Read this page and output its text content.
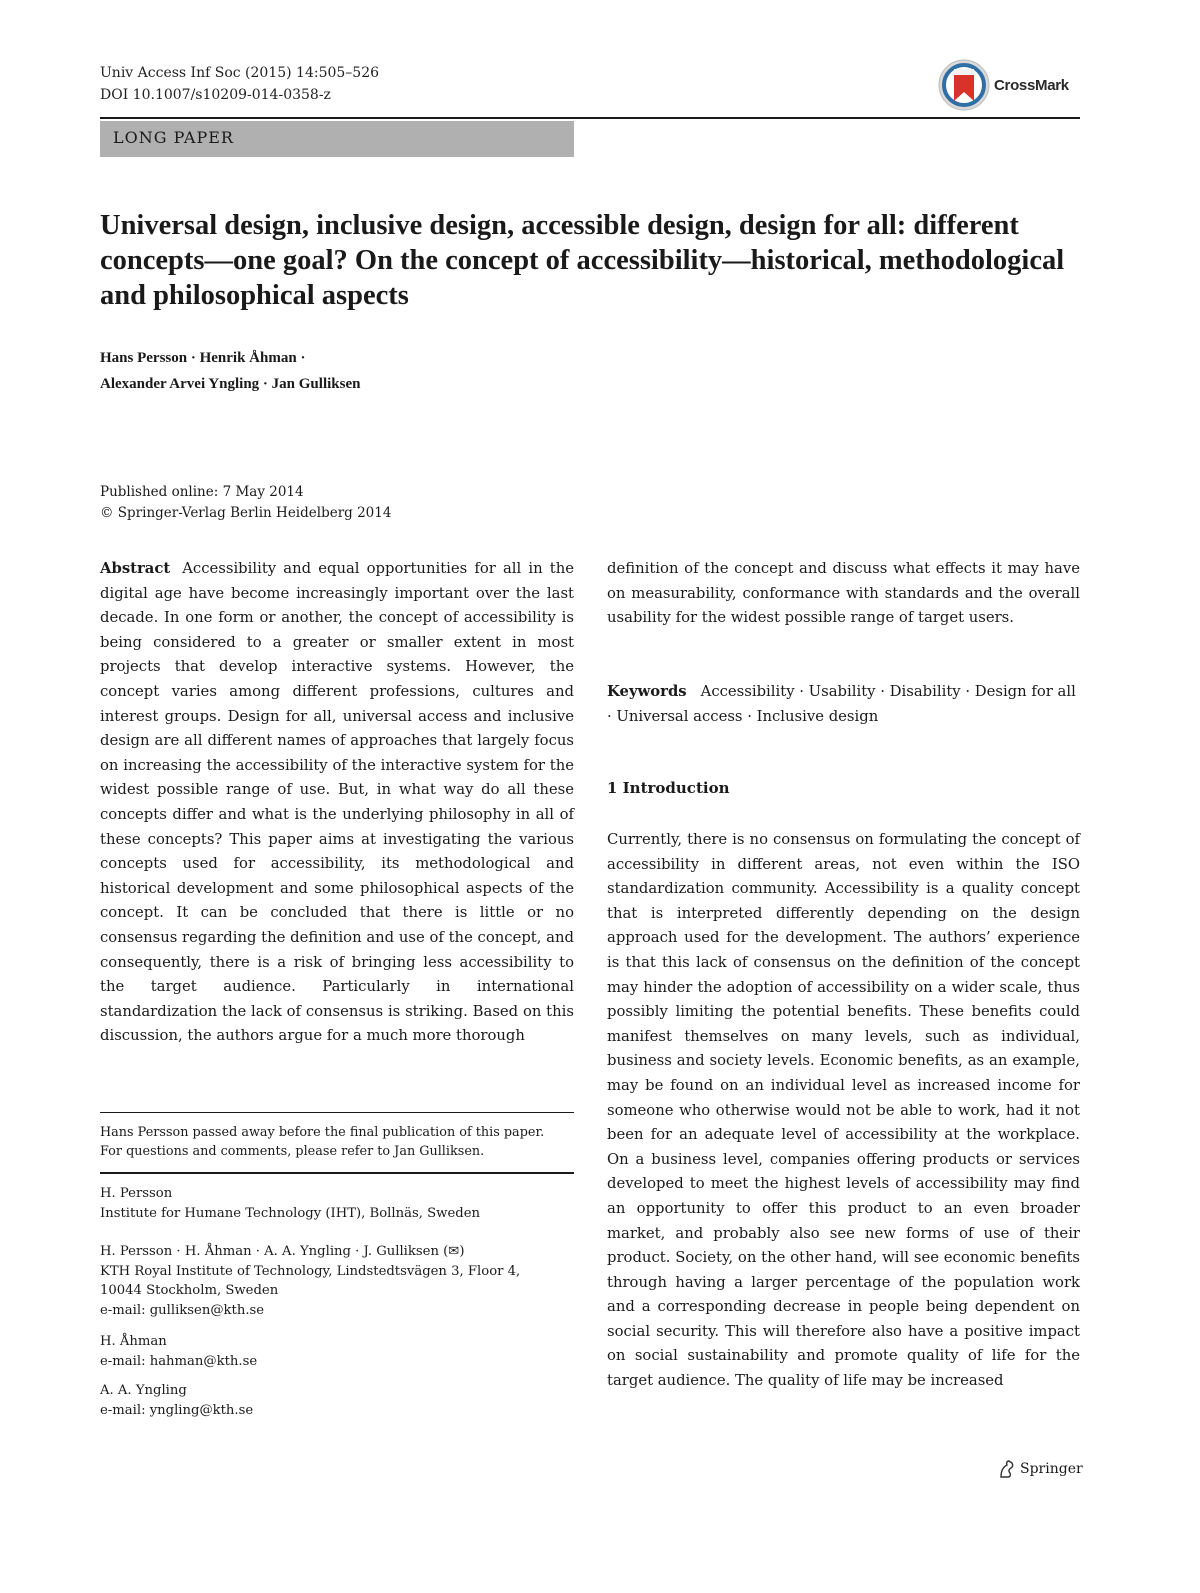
Univ Access Inf Soc (2015) 14:505–526
DOI 10.1007/s10209-014-0358-z
CrossMark
LONG PAPER
Universal design, inclusive design, accessible design, design for all: different concepts—one goal? On the concept of accessibility—historical, methodological and philosophical aspects
Hans Persson · Henrik Åhman ·
Alexander Arvei Yngling · Jan Gulliksen
Published online: 7 May 2014
© Springer-Verlag Berlin Heidelberg 2014
Abstract Accessibility and equal opportunities for all in the digital age have become increasingly important over the last decade. In one form or another, the concept of accessibility is being considered to a greater or smaller extent in most projects that develop interactive systems. However, the concept varies among different professions, cultures and interest groups. Design for all, universal access and inclusive design are all different names of approaches that largely focus on increasing the accessibility of the interactive system for the widest possible range of use. But, in what way do all these concepts differ and what is the underlying philosophy in all of these concepts? This paper aims at investigating the various concepts used for accessibility, its methodological and historical development and some philosophical aspects of the concept. It can be concluded that there is little or no consensus regarding the definition and use of the concept, and consequently, there is a risk of bringing less accessibility to the target audience. Particularly in international standardization the lack of consensus is striking. Based on this discussion, the authors argue for a much more thorough
definition of the concept and discuss what effects it may have on measurability, conformance with standards and the overall usability for the widest possible range of target users.
Keywords Accessibility · Usability · Disability · Design for all · Universal access · Inclusive design
1 Introduction
Currently, there is no consensus on formulating the concept of accessibility in different areas, not even within the ISO standardization community. Accessibility is a quality concept that is interpreted differently depending on the design approach used for the development. The authors’ experience is that this lack of consensus on the definition of the concept may hinder the adoption of accessibility on a wider scale, thus possibly limiting the potential benefits. These benefits could manifest themselves on many levels, such as individual, business and society levels. Economic benefits, as an example, may be found on an individual level as increased income for someone who otherwise would not be able to work, had it not been for an adequate level of accessibility at the workplace. On a business level, companies offering products or services developed to meet the highest levels of accessibility may find an opportunity to offer this product to an even broader market, and probably also see new forms of use of their product. Society, on the other hand, will see economic benefits through having a larger percentage of the population work and a corresponding decrease in people being dependent on social security. This will therefore also have a positive impact on social sustainability and promote quality of life for the target audience. The quality of life may be increased
Hans Persson passed away before the final publication of this paper.
For questions and comments, please refer to Jan Gulliksen.
H. Persson
Institute for Humane Technology (IHT), Bollnäs, Sweden
H. Persson · H. Åhman · A. A. Yngling · J. Gulliksen (✉)
KTH Royal Institute of Technology, Lindstedtsvägen 3, Floor 4,
10044 Stockholm, Sweden
e-mail: gulliksen@kth.se
H. Åhman
e-mail: hahman@kth.se
A. A. Yngling
e-mail: yngling@kth.se
Springer
